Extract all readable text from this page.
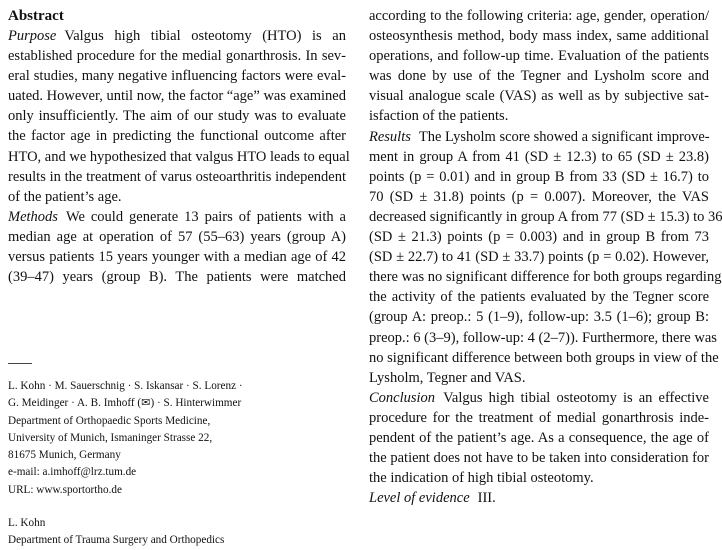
Abstract
Purpose Valgus high tibial osteotomy (HTO) is an
established procedure for the medial gonarthrosis. In sev-
eral studies, many negative influencing factors were eval-
uated. However, until now, the factor “age” was examined
only insufficiently. The aim of our study was to evaluate
the factor age in predicting the functional outcome after
HTO, and we hypothesized that valgus HTO leads to equal
results in the treatment of varus osteoarthritis independent
of the patient’s age.
Methods We could generate 13 pairs of patients with a
median age at operation of 57 (55–63) years (group A)
versus patients 15 years younger with a median age of 42
(39–47) years (group B). The patients were matched
L. Kohn · M. Sauerschnig · S. Iskansar · S. Lorenz ·
G. Meidinger · A. B. Imhoff (✉) · S. Hinterwimmer
Department of Orthopaedic Sports Medicine,
University of Munich, Ismaninger Strasse 22,
81675 Munich, Germany
e-mail: a.imhoff@lrz.tum.de
URL: www.sportortho.de
L. Kohn
Department of Trauma Surgery and Orthopedics
according to the following criteria: age, gender, operation/
osteosynthesis method, body mass index, same additional
operations, and follow-up time. Evaluation of the patients
was done by use of the Tegner and Lysholm score and
visual analogue scale (VAS) as well as by subjective sat-
isfaction of the patients.
Results The Lysholm score showed a significant improve-
ment in group A from 41 (SD ± 12.3) to 65 (SD ± 23.8)
points (p = 0.01) and in group B from 33 (SD ± 16.7) to
70 (SD ± 31.8) points (p = 0.007). Moreover, the VAS
decreased significantly in group A from 77 (SD ± 15.3) to 36
(SD ± 21.3) points (p = 0.003) and in group B from 73
(SD ± 22.7) to 41 (SD ± 33.7) points (p = 0.02). However,
there was no significant difference for both groups regarding
the activity of the patients evaluated by the Tegner score
(group A: preop.: 5 (1–9), follow-up: 3.5 (1–6); group B:
preop.: 6 (3–9), follow-up: 4 (2–7)). Furthermore, there was
no significant difference between both groups in view of the
Lysholm, Tegner and VAS.
Conclusion Valgus high tibial osteotomy is an effective
procedure for the treatment of medial gonarthrosis inde-
pendent of the patient’s age. As a consequence, the age of
the patient does not have to be taken into consideration for
the indication of high tibial osteotomy.
Level of evidence III.
